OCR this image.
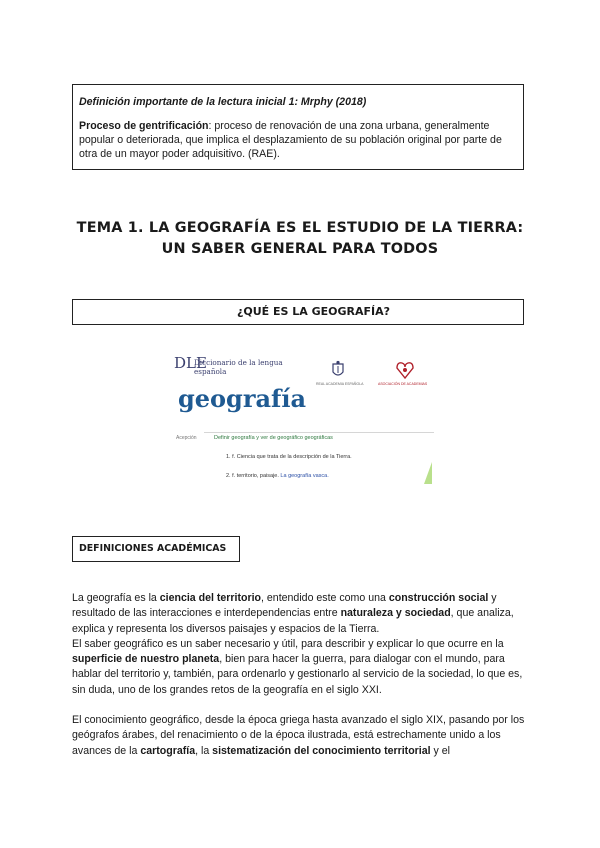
Definición importante de la lectura inicial 1: Mrphy (2018)

Proceso de gentrificación: proceso de renovación de una zona urbana, generalmente popular o deteriorada, que implica el desplazamiento de su población original por parte de otra de un mayor poder adquisitivo. (RAE).

TEMA 1. LA GEOGRAFÍA ES EL ESTUDIO DE LA TIERRA:
UN SABER GENERAL PARA TODOS
¿QUÉ ES LA GEOGRAFÍA?
DLE
Diccionario de la lengua española
REAL ACADEMIA ESPAÑOLA	ASOCIACIÓN DE ACADEMIAS
geografía
Acepción	Definir geografía y ver de geográfico geográficas
1. f. Ciencia que trata de la descripción de la Tierra.
2. f. territorio, paisaje. La geografía vasca.
DEFINICIONES ACADÉMICAS

La geografía es la ciencia del territorio, entendido este como una construcción social y resultado de las interacciones e interdependencias entre naturaleza y sociedad, que analiza, explica y representa los diversos paisajes y espacios de la Tierra.

El saber geográfico es un saber necesario y útil, para describir y explicar lo que ocurre en la superficie de nuestro planeta, bien para hacer la guerra, para dialogar con el mundo, para hablar del territorio y, también, para ordenarlo y gestionarlo al servicio de la sociedad, lo que es, sin duda, uno de los grandes retos de la geografía en el siglo XXI.

El conocimiento geográfico, desde la época griega hasta avanzado el siglo XIX, pasando por los geógrafos árabes, del renacimiento o de la época ilustrada, está estrechamente unido a los avances de la cartografía, la sistematización del conocimiento territorial y el
